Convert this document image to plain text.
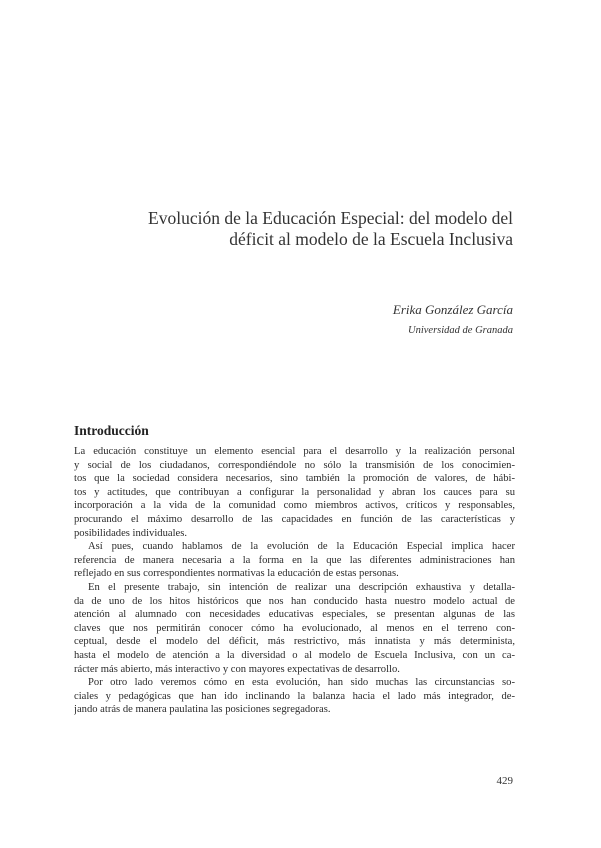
Evolución de la Educación Especial: del modelo del
déficit al modelo de la Escuela Inclusiva
Erika González García
Universidad de Granada
Introducción
La educación constituye un elemento esencial para el desarrollo y la realización personal
y social de los ciudadanos, correspondiéndole no sólo la transmisión de los conocimien-
tos que la sociedad considera necesarios, sino también la promoción de valores, de hábi-
tos y actitudes, que contribuyan a configurar la personalidad y abran los cauces para su
incorporación a la vida de la comunidad como miembros activos, críticos y responsables,
procurando el máximo desarrollo de las capacidades en función de las características y
posibilidades individuales.
Así pues, cuando hablamos de la evolución de la Educación Especial implica hacer
referencia de manera necesaria a la forma en la que las diferentes administraciones han
reflejado en sus correspondientes normativas la educación de estas personas.
En el presente trabajo, sin intención de realizar una descripción exhaustiva y detalla-
da de uno de los hitos históricos que nos han conducido hasta nuestro modelo actual de
atención al alumnado con necesidades educativas especiales, se presentan algunas de las
claves que nos permitirán conocer cómo ha evolucionado, al menos en el terreno con-
ceptual, desde el modelo del déficit, más restrictivo, más innatista y más determinista,
hasta el modelo de atención a la diversidad o al modelo de Escuela Inclusiva, con un ca-
rácter más abierto, más interactivo y con mayores expectativas de desarrollo.
Por otro lado veremos cómo en esta evolución, han sido muchas las circunstancias so-
ciales y pedagógicas que han ido inclinando la balanza hacia el lado más integrador, de-
jando atrás de manera paulatina las posiciones segregadoras.
429
